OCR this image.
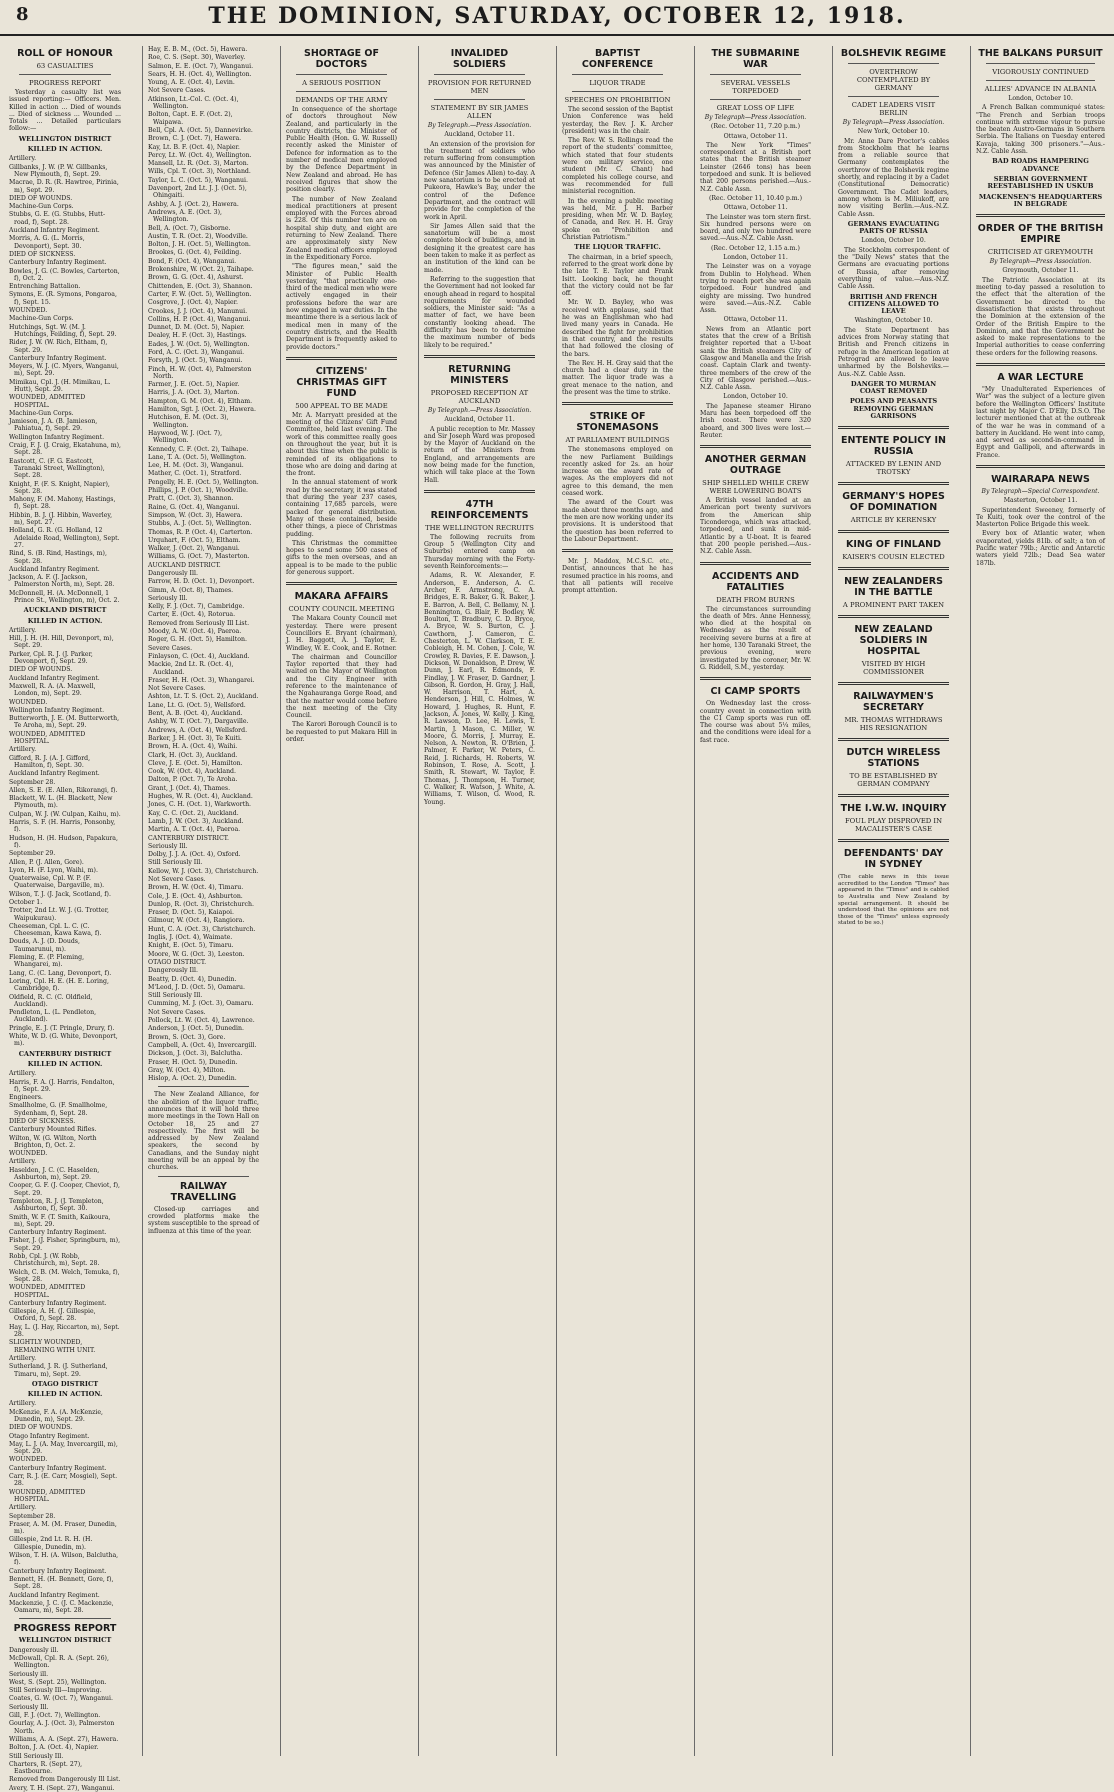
8	THE DOMINION, SATURDAY, OCTOBER 12, 1918.
ROLL OF HONOUR
63 CASUALTIES
PROGRESS REPORT
Yesterday a casualty list was issued reporting:— Officers. Men. Killed in action ... Died of wounds ... Died of sickness ... Wounded ... Totals ... Detailed particulars follow:—
WELLINGTON DISTRICT
KILLED IN ACTION.
Artillery.
Gillbanks, J. W. (P. W. Gillbanks, New Plymouth, f), Sept. 29.
Macrae, D. R. (R. Hawtree, Pirinia, m), Sept. 29.
DIED OF WOUNDS.
Machine-Gun Corps.
Stubbs, G. E. (G. Stubbs, Hutt-road, f), Sept. 28.
Auckland Infantry Regiment.
Morris, A. G. (L. Morris, Devonport), Sept. 30.
DIED OF SICKNESS.
Canterbury Infantry Regiment.
Bowles, J. G. (C. Bowles, Carterton, f), Oct. 2.
Entrenching Battalion.
Symons, E. (R. Symons, Pongaroa, f), Sept. 15.
WOUNDED.
Machine-Gun Corps.
Hutchings, Sgt. W. (M. J. Hutchings, Feilding, f), Sept. 29.
Rider, J. W. (W. Rich, Eltham, f), Sept. 29.
Canterbury Infantry Regiment.
Meyers, W. J. (C. Myers, Wanganui, m), Sept. 29.
Mimikau, Cpl. J. (H. Mimikau, L. Hutt), Sept. 29.
WOUNDED, ADMITTED HOSPITAL.
Machine-Gun Corps.
Jamieson, J. A. (B. Jamieson, Pahiatua, f), Sept. 29.
Wellington Infantry Regiment.
Craig, F. J. (J. Craig, Ekatahuna, m), Sept. 28.
Eastcott, C. (F. G. Eastcott, Taranaki Street, Wellington), Sept. 28.
Knight, F. (F. S. Knight, Napier), Sept. 28.
Mahony, F. (M. Mahony, Hastings, f), Sept. 28.
Hibbin, B. J. (J. Hibbin, Waverley, m), Sept. 27.
Holland, G. R. (G. Holland, 12 Adelaide Road, Wellington), Sept. 27.
Rind, S. (B. Rind, Hastings, m), Sept. 28.
Auckland Infantry Regiment.
Jackson, A. F. (J. Jackson, Palmerston North, m), Sept. 28.
McDonnell, H. (A. McDonnell, 1 Prince St., Wellington, m), Oct. 2.
AUCKLAND DISTRICT
KILLED IN ACTION.
Artillery.
Hill, J. H. (H. Hill, Devonport, m), Sept. 29.
Parker, Cpl. R. J. (J. Parker, Devonport, f), Sept. 29.
DIED OF WOUNDS.
Auckland Infantry Regiment.
Maxwell, R. A. (A. Maxwell, London, m), Sept. 29.
WOUNDED.
Wellington Infantry Regiment.
Butterworth, J. E. (M. Butterworth, Te Aroha, m), Sept. 29.
WOUNDED, ADMITTED HOSPITAL.
Artillery.
Gifford, R. J. (A. J. Gifford, Hamilton, f), Sept. 30.
Auckland Infantry Regiment.
September 28.
Allen, S. E. (E. Allen, Rikorangi, f).
Blackett, W. L. (H. Blackett, New Plymouth, m).
Culpan, W. J. (W. Culpan, Kaihu, m).
Harris, S. F. (H. Harris, Ponsonby, f).
Hudson, H. (H. Hudson, Papakura, f).
September 29.
Allen, P. (J. Allen, Gore).
Lyon, H. (F. Lyon, Waihi, m).
Quaterwaise, Cpl. W. P. (F. Quaterwaise, Dargaville, m).
Wilson, T. J. (J. Jack, Scotland, f).
October 1.
Trotter, 2nd Lt. W. J. (G. Trotter, Waipukurau).
Cheeseman, Cpl. L. C. (C. Cheeseman, Kawa Kawa, f).
Douds, A. J. (D. Douds, Taumarunui, m).
Fleming, E. (P. Fleming, Whangarei, m).
Lang, C. (C. Lang, Devonport, f).
Loring, Cpl. H. E. (H. E. Loring, Cambridge, f).
Oldfield, R. C. (C. Oldfield, Auckland).
Pendleton, L. (L. Pendleton, Auckland).
Pringle, E. J. (T. Pringle, Drury, f).
White, W. D. (G. White, Devonport, m).
CANTERBURY DISTRICT
KILLED IN ACTION.
Artillery.
Harris, F. A. (J. Harris, Fendalton, f), Sept. 29.
Engineers.
Smallholme, G. (F. Smallholme, Sydenham, f), Sept. 28.
DIED OF SICKNESS.
Canterbury Mounted Rifles.
Wilton, W. (G. Wilton, North Brighton, f), Oct. 2.
WOUNDED.
Artillery.
Haselden, J. C. (C. Haselden, Ashburton, m), Sept. 29.
Cooper, G. F. (J. Cooper, Cheviot, f), Sept. 29.
Templeton, R. J. (J. Templeton, Ashburton, f), Sept. 30.
Smith, W. F. (T. Smith, Kaikoura, m), Sept. 29.
Canterbury Infantry Regiment.
Fisher, J. (J. Fisher, Springburn, m), Sept. 29.
Robb, Cpl. J. (W. Robb, Christchurch, m), Sept. 28.
Welch, C. B. (M. Welch, Temuka, f), Sept. 28.
WOUNDED, ADMITTED HOSPITAL.
Canterbury Infantry Regiment.
Gillespie, A. H. (J. Gillespie, Oxford, f), Sept. 28.
Hay, L. (J. Hay, Riccarton, m), Sept. 28.
SLIGHTLY WOUNDED, REMAINING WITH UNIT.
Artillery.
Sutherland, J. R. (J. Sutherland, Timaru, m), Sept. 29.
OTAGO DISTRICT
KILLED IN ACTION.
Artillery.
McKenzie, F. A. (A. McKenzie, Dunedin, m), Sept. 29.
DIED OF WOUNDS.
Otago Infantry Regiment.
May, L. J. (A. May, Invercargill, m), Sept. 29.
WOUNDED.
Canterbury Infantry Regiment.
Carr, R. J. (E. Carr, Mosgiel), Sept. 28.
WOUNDED, ADMITTED HOSPITAL.
Artillery.
September 28.
Fraser, A. M. (M. Fraser, Dunedin, m).
Gillespie, 2nd Lt. R. H. (H. Gillespie, Dunedin, m).
Wilson, T. H. (A. Wilson, Balclutha, f).
Canterbury Infantry Regiment.
Bennett, H. (H. Bennett, Gore, f), Sept. 28.
Auckland Infantry Regiment.
Mackenzie, J. C. (J. C. Mackenzie, Oamaru, m), Sept. 28.
PROGRESS REPORT
WELLINGTON DISTRICT
Dangerously ill.
McDowall, Cpl. R. A. (Sept. 26), Wellington.
Seriously ill.
West, S. (Sept. 25), Wellington.
Still Seriously Ill—Improving.
Coates, G. W. (Oct. 7), Wanganui.
Seriously Ill.
Gill, F. J. (Oct. 7), Wellington.
Gourlay, A. J. (Oct. 3), Palmerston North.
Williams, A. A. (Sept. 27), Hawera.
Bolton, J. A. (Oct. 4), Napier.
Still Seriously Ill.
Charters, R. (Sept. 27), Eastbourne.
Removed from Dangerously Ill List.
Avery, T. H. (Sept. 27), Wanganui.
Hay, E. B. M., (Oct. 5), Hawera.
Roe, C. S. (Sept. 30), Waverley.
Salmon, E. E. (Oct. 7), Wanganui.
Sears, H. H. (Oct. 4), Wellington.
Young, A. E. (Oct. 4), Levin.
Not Severe Cases.
Atkinson, Lt.-Col. C. (Oct. 4), Wellington.
Bolton, Capt. E. F. (Oct. 2), Waipawa.
Bell, Cpl. A. (Oct. 5), Dannevirke.
Brown, C. J. (Oct. 7), Hawera.
Kay, Lt. B. F. (Oct. 4), Napier.
Percy, Lt. W. (Oct. 4), Wellington.
Mansell, Lt. R. (Oct. 3), Marton.
Wills, Cpl. T. (Oct. 3), Northland.
Taylor, L. C. (Oct. 5), Wanganui.
Davenport, 2nd Lt. J. J. (Oct. 5), Ohingaiti.
Ashby, A. J. (Oct. 2), Hawera.
Andrews, A. E. (Oct. 3), Wellington.
Bell, A. (Oct. 7), Gisborne.
Austin, T. R. (Oct. 2), Woodville.
Bolton, J. H. (Oct. 5), Wellington.
Brookes, G. (Oct. 4), Feilding.
Bond, F. (Oct. 4), Wanganui.
Brokenshire, W. (Oct. 2), Taihape.
Brown, G. G. (Oct. 4), Ashurst.
Chittenden, E. (Oct. 3), Shannon.
Carter, F. W. (Oct. 5), Wellington.
Cosgrove, J. (Oct. 4), Napier.
Crookes, J. J. (Oct. 4), Manunui.
Collins, H. P. (Oct. 4), Wanganui.
Dunnet, D. M. (Oct. 5), Napier.
Dealey, H. F. (Oct. 3), Hastings.
Eades, J. W. (Oct. 5), Wellington.
Ford, A. C. (Oct. 3), Wanganui.
Forsyth, J. (Oct. 5), Wanganui.
Finch, H. W. (Oct. 4), Palmerston North.
Farmer, J. E. (Oct. 5), Napier.
Harris, J. A. (Oct. 3), Marton.
Hampton, G. M. (Oct. 4), Eltham.
Hamilton, Sgt. J. (Oct. 2), Hawera.
Hutchison, E. M. (Oct. 3), Wellington.
Haywood, W. J. (Oct. 7), Wellington.
Kennedy, C. F. (Oct. 2), Taihape.
Lane, T. A. (Oct. 5), Wellington.
Lee, H. M. (Oct. 3), Wanganui.
Mather, C. (Oct. 1), Stratford.
Pengelly, H. E. (Oct. 5), Wellington.
Phillips, J. P. (Oct. 1), Woodville.
Pratt, C. (Oct. 3), Shannon.
Raine, G. (Oct. 4), Wanganui.
Simpson, W. (Oct. 3), Hawera.
Stubbs, A. J. (Oct. 5), Wellington.
Thomas, R. P. (Oct. 4), Carterton.
Urquhart, F. (Oct. 5), Eltham.
Walker, J. (Oct. 2), Wanganui.
Williams, G. (Oct. 7), Masterton.
AUCKLAND DISTRICT.
Dangerously Ill.
Farrow, H. D. (Oct. 1), Devonport.
Gimm, A. (Oct. 8), Thames.
Seriously Ill.
Kelly, F. J. (Oct. 7), Cambridge.
Carter, E. (Oct. 4), Rotorua.
Removed from Seriously Ill List.
Moody, A. W. (Oct. 4), Paeroa.
Roger, G. H. (Oct. 5), Hamilton.
Severe Cases.
Finlayson, C. (Oct. 4), Auckland.
Mackie, 2nd Lt. R. (Oct. 4), Auckland.
Fraser, H. H. (Oct. 3), Whangarei.
Not Severe Cases.
Ashton, Lt. T. S. (Oct. 2), Auckland.
Lane, Lt. G. (Oct. 5), Wellsford.
Bent, A. B. (Oct. 4), Auckland.
Ashby, W. T. (Oct. 7), Dargaville.
Andrews, A. (Oct. 4), Wellsford.
Barker, J. H. (Oct. 3), Te Kuiti.
Brown, H. A. (Oct. 4), Waihi.
Clark, H. (Oct. 3), Auckland.
Cleve, J. E. (Oct. 5), Hamilton.
Cook, W. (Oct. 4), Auckland.
Dalton, P. (Oct. 7), Te Aroha.
Grant, J. (Oct. 4), Thames.
Hughes, W. R. (Oct. 4), Auckland.
Jones, C. H. (Oct. 1), Warkworth.
Kay, C. C. (Oct. 2), Auckland.
Lamb, J. W. (Oct. 3), Auckland.
Martin, A. T. (Oct. 4), Paeroa.
CANTERBURY DISTRICT.
Seriously Ill.
Dolby, J. J. A. (Oct. 4), Oxford.
Still Seriously Ill.
Kellow, W. J. (Oct. 3), Christchurch.
Not Severe Cases.
Brown, H. W. (Oct. 4), Timaru.
Cole, J. E. (Oct. 4), Ashburton.
Dunlop, R. (Oct. 3), Christchurch.
Fraser, D. (Oct. 5), Kaiapoi.
Gilmour, W. (Oct. 4), Rangiora.
Hunt, C. A. (Oct. 3), Christchurch.
Inglis, J. (Oct. 4), Waimate.
Knight, E. (Oct. 5), Timaru.
Moore, W. G. (Oct. 3), Leeston.
OTAGO DISTRICT.
Dangerously Ill.
Beatty, D. (Oct. 4), Dunedin.
M'Leod, J. D. (Oct. 5), Oamaru.
Still Seriously Ill.
Cumming, M. J. (Oct. 3), Oamaru.
Not Severe Cases.
Pollock, Lt. W. (Oct. 4), Lawrence.
Anderson, J. (Oct. 5), Dunedin.
Brown, S. (Oct. 3), Gore.
Campbell, A. (Oct. 4), Invercargill.
Dickson, J. (Oct. 3), Balclutha.
Fraser, H. (Oct. 5), Dunedin.
Gray, W. (Oct. 4), Milton.
Hislop, A. (Oct. 2), Dunedin.
The New Zealand Alliance, for the abolition of the liquor traffic, announces that it will hold three more meetings in the Town Hall on October 18, 25 and 27 respectively. The first will be addressed by New Zealand speakers, the second by Canadians, and the Sunday night meeting will be an appeal by the churches.
RAILWAY TRAVELLING
Closed-up carriages and crowded platforms make the system susceptible to the spread of influenza at this time of the year.
SHORTAGE OF DOCTORS
A SERIOUS POSITION
DEMANDS OF THE ARMY
In consequence of the shortage of doctors throughout New Zealand, and particularly in the country districts, the Minister of Public Health (Hon. G. W. Russell) recently asked the Minister of Defence for information as to the number of medical men employed by the Defence Department in New Zealand and abroad. He has received figures that show the position clearly.
The number of New Zealand medical practitioners at present employed with the Forces abroad is 228. Of this number ten are on hospital ship duty, and eight are returning to New Zealand. There are approximately sixty New Zealand medical officers employed in the Expeditionary Force.
"The figures mean," said the Minister of Public Health yesterday, "that practically one-third of the medical men who were actively engaged in their professions before the war are now engaged in war duties. In the meantime there is a serious lack of medical men in many of the country districts, and the Health Department is frequently asked to provide doctors."
CITIZENS' CHRISTMAS GIFT FUND
500 APPEAL TO BE MADE
Mr. A. Marryatt presided at the meeting of the Citizens' Gift Fund Committee, held last evening. The work of this committee really goes on throughout the year, but it is about this time when the public is reminded of its obligations to those who are doing and daring at the front.
In the annual statement of work read by the secretary, it was stated that during the year 237 cases, containing 17,685 parcels, were packed for general distribution. Many of these contained, beside other things, a piece of Christmas pudding.
This Christmas the committee hopes to send some 500 cases of gifts to the men overseas, and an appeal is to be made to the public for generous support.
MAKARA AFFAIRS
COUNTY COUNCIL MEETING
The Makara County Council met yesterday. There were present Councillors E. Bryant (chairman), J. H. Baggott, A. J. Taylor, E. Windley, W. E. Cook, and E. Rotner.
The chairman and Councillor Taylor reported that they had waited on the Mayor of Wellington and the City Engineer with reference to the maintenance of the Ngahauranga Gorge Road, and that the matter would come before the next meeting of the City Council.
The Karori Borough Council is to be requested to put Makara Hill in order.
INVALIDED SOLDIERS
PROVISION FOR RETURNED MEN
STATEMENT BY SIR JAMES ALLEN
By Telegraph.—Press Association.
Auckland, October 11.
An extension of the provision for the treatment of soldiers who return suffering from consumption was announced by the Minister of Defence (Sir James Allen) to-day. A new sanatorium is to be erected at Pukeora, Hawke's Bay, under the control of the Defence Department, and the contract will provide for the completion of the work in April.
Sir James Allen said that the sanatorium will be a most complete block of buildings, and in designing it the greatest care has been taken to make it as perfect as an institution of the kind can be made.
Referring to the suggestion that the Government had not looked far enough ahead in regard to hospital requirements for wounded soldiers, the Minister said: "As a matter of fact, we have been constantly looking ahead. The difficulty has been to determine the maximum number of beds likely to be required."
RETURNING MINISTERS
PROPOSED RECEPTION AT AUCKLAND
By Telegraph.—Press Association.
Auckland, October 11.
A public reception to Mr. Massey and Sir Joseph Ward was proposed by the Mayor of Auckland on the return of the Ministers from England, and arrangements are now being made for the function, which will take place at the Town Hall.
47TH REINFORCEMENTS
THE WELLINGTON RECRUITS
The following recruits from Group 5 (Wellington City and Suburbs) entered camp on Thursday morning with the Forty-seventh Reinforcements:—
Adams, R. W. Alexander, F. Anderson, E. Anderson, A. C. Archer, F. Armstrong, C. A. Bridges, E. R. Baker, G. R. Baker, J. E. Barron, A. Bell, C. Bellamy, N. J. Bennington, G. Blair, F. Bodley, W. Boulton, T. Bradbury, C. D. Bryce, A. Bryce, W. S. Burton, C. J. Cawthorn, J. Cameron, C. Chesterton, L. W. Clarkson, T. E. Cobleigh, H. M. Cohen, J. Cole, W. Crowley, R. Davies, F. E. Dawson, J. Dickson, W. Donaldson, P. Drew, W. Dunn, J. Earl, R. Edmonds, F. Findlay, J. W. Fraser, D. Gardner, J. Gibson, R. Gordon, H. Gray, J. Hall, W. Harrison, T. Hart, A. Henderson, J. Hill, C. Holmes, W. Howard, J. Hughes, R. Hunt, F. Jackson, A. Jones, W. Kelly, J. King, R. Lawson, D. Lee, H. Lewis, T. Martin, J. Mason, C. Miller, W. Moore, G. Morris, J. Murray, E. Nelson, A. Newton, R. O'Brien, J. Palmer, F. Parker, W. Peters, C. Reid, J. Richards, H. Roberts, W. Robinson, T. Rose, A. Scott, J. Smith, R. Stewart, W. Taylor, F. Thomas, J. Thompson, H. Turner, C. Walker, R. Watson, J. White, A. Williams, T. Wilson, G. Wood, R. Young.
BAPTIST CONFERENCE
LIQUOR TRADE
SPEECHES ON PROHIBITION
The second session of the Baptist Union Conference was held yesterday, the Rev. J. K. Archer (president) was in the chair.
The Rev. W. S. Rollings read the report of the students' committee, which stated that four students were on military service, one student (Mr. C. Chant) had completed his college course, and was recommended for full ministerial recognition.
In the evening a public meeting was held, Mr. J. H. Barber presiding, when Mr. W. D. Bayley, of Canada, and Rev. H. H. Gray spoke on "Prohibition and Christian Patriotism."
THE LIQUOR TRAFFIC.
The chairman, in a brief speech, referred to the great work done by the late T. E. Taylor and Frank Isitt. Looking back, he thought that the victory could not be far off.
Mr. W. D. Bayley, who was received with applause, said that he was an Englishman who had lived many years in Canada. He described the fight for prohibition in that country, and the results that had followed the closing of the bars.
The Rev. H. H. Gray said that the church had a clear duty in the matter. The liquor trade was a great menace to the nation, and the present was the time to strike.
STRIKE OF STONEMASONS
AT PARLIAMENT BUILDINGS
The stonemasons employed on the new Parliament Buildings recently asked for 2s. an hour increase on the award rate of wages. As the employers did not agree to this demand, the men ceased work.
The award of the Court was made about three months ago, and the men are now working under its provisions. It is understood that the question has been referred to the Labour Department.
Mr. J. Maddox, M.C.S.C. etc., Dentist, announces that he has resumed practice in his rooms, and that all patients will receive prompt attention.
THE SUBMARINE WAR
SEVERAL VESSELS TORPEDOED
GREAT LOSS OF LIFE
By Telegraph—Press Association.
(Rec. October 11, 7.20 p.m.)
Ottawa, October 11.
The New York "Times" correspondent at a British port states that the British steamer Leinster (2646 tons) has been torpedoed and sunk. It is believed that 200 persons perished.—Aus.-N.Z. Cable Assn.
(Rec. October 11, 10.40 p.m.)
Ottawa, October 11.
The Leinster was torn stern first. Six hundred persons were on board, and only two hundred were saved.—Aus.-N.Z. Cable Assn.
(Rec. October 12, 1.15 a.m.)
London, October 11.
The Leinster was on a voyage from Dublin to Holyhead. When trying to reach port she was again torpedoed. Four hundred and eighty are missing. Two hundred were saved.—Aus.-N.Z. Cable Assn.
Ottawa, October 11.
News from an Atlantic port states that the crew of a British freighter reported that a U-boat sank the British steamers City of Glasgow and Manella and the Irish coast. Captain Clark and twenty-three members of the crew of the City of Glasgow perished.—Aus.-N.Z. Cable Assn.
London, October 10.
The Japanese steamer Hirano Maru has been torpedoed off the Irish coast. There were 320 aboard, and 300 lives were lost.—Reuter.
ANOTHER GERMAN OUTRAGE
SHIP SHELLED WHILE CREW WERE LOWERING BOATS
A British vessel landed at an American port twenty survivors from the American ship Ticonderoga, which was attacked, torpedoed, and sunk in mid-Atlantic by a U-boat. It is feared that 200 people perished.—Aus.-N.Z. Cable Assn.
ACCIDENTS AND FATALITIES
DEATH FROM BURNS
The circumstances surrounding the death of Mrs. Anne Hennessy, who died at the hospital on Wednesday as the result of receiving severe burns at a fire at her home, 130 Taranaki Street, the previous evening, were investigated by the coroner, Mr. W. G. Riddell, S.M., yesterday.
CI CAMP SPORTS
On Wednesday last the cross-country event in connection with the C1 Camp sports was run off. The course was about 5¼ miles, and the conditions were ideal for a fast race.
BOLSHEVIK REGIME
OVERTHROW CONTEMPLATED BY GERMANY
CADET LEADERS VISIT BERLIN
By Telegraph—Press Association.
New York, October 10.
Mr. Anne Dare Proctor's cables from Stockholm that he learns from a reliable source that Germany contemplates the overthrow of the Bolshevik regime shortly, and replacing it by a Cadet (Constitutional Democratic) Government. The Cadet leaders, among whom is M. Miliukoff, are now visiting Berlin.—Aus.-N.Z. Cable Assn.
GERMANS EVACUATING PARTS OF RUSSIA
London, October 10.
The Stockholm correspondent of the "Daily News" states that the Germans are evacuating portions of Russia, after removing everything of value.—Aus.-N.Z. Cable Assn.
BRITISH AND FRENCH CITIZENS ALLOWED TO LEAVE
Washington, October 10.
The State Department has advices from Norway stating that British and French citizens in refuge in the American legation at Petrograd are allowed to leave unharmed by the Bolsheviks.—Aus.-N.Z. Cable Assn.
DANGER TO MURMAN COAST REMOVED
POLES AND PEASANTS REMOVING GERMAN GARRISONS
ENTENTE POLICY IN RUSSIA
ATTACKED BY LENIN AND TROTSKY
GERMANY'S HOPES OF DOMINATION
ARTICLE BY KERENSKY
KING OF FINLAND
KAISER'S COUSIN ELECTED
NEW ZEALANDERS IN THE BATTLE
A PROMINENT PART TAKEN
NEW ZEALAND SOLDIERS IN HOSPITAL
VISITED BY HIGH COMMISSIONER
RAILWAYMEN'S SECRETARY
MR. THOMAS WITHDRAWS HIS RESIGNATION
DUTCH WIRELESS STATIONS
TO BE ESTABLISHED BY GERMAN COMPANY
THE I.W.W. INQUIRY
FOUL PLAY DISPROVED IN MACALISTER'S CASE
DEFENDANTS' DAY IN SYDNEY
(The cable news in this issue accredited to the London "Times" has appeared in the "Times" and is cabled to Australia and New Zealand by special arrangement. It should be understood that the opinions are not those of the "Times" unless expressly stated to be so.)
THE BALKANS PURSUIT
VIGOROUSLY CONTINUED
ALLIES' ADVANCE IN ALBANIA
London, October 10.
A French Balkan communiqué states: "The French and Serbian troops continue with extreme vigour to pursue the beaten Austro-Germans in Southern Serbia. The Italians on Tuesday entered Kavaja, taking 300 prisoners."—Aus.-N.Z. Cable Assn.
BAD ROADS HAMPERING ADVANCE
SERBIAN GOVERNMENT REESTABLISHED IN USKUB
MACKENSEN'S HEADQUARTERS IN BELGRADE
ORDER OF THE BRITISH EMPIRE
CRITICISED AT GREYMOUTH
By Telegraph—Press Association.
Greymouth, October 11.
The Patriotic Association at its meeting to-day passed a resolution to the effect that the alteration of the Government be directed to the dissatisfaction that exists throughout the Dominion at the extension of the Order of the British Empire to the Dominion, and that the Government be asked to make representations to the Imperial authorities to cease conferring these orders for the following reasons.
A WAR LECTURE
"My Unadulterated Experiences of War" was the subject of a lecture given before the Wellington Officers' Institute last night by Major C. D'Elly, D.S.O. The lecturer mentioned that at the outbreak of the war he was in command of a battery in Auckland. He went into camp, and served as second-in-command in Egypt and Gallipoli, and afterwards in France.
WAIRARAPA NEWS
By Telegraph—Special Correspondent.
Masterton, October 11.
Superintendent Sweeney, formerly of Te Kuiti, took over the control of the Masterton Police Brigade this week.
Every box of Atlantic water, when evaporated, yields 81lb. of salt; a ton of Pacific water 79lb.; Arctic and Antarctic waters yield 72lb.; Dead Sea water 187lb.
